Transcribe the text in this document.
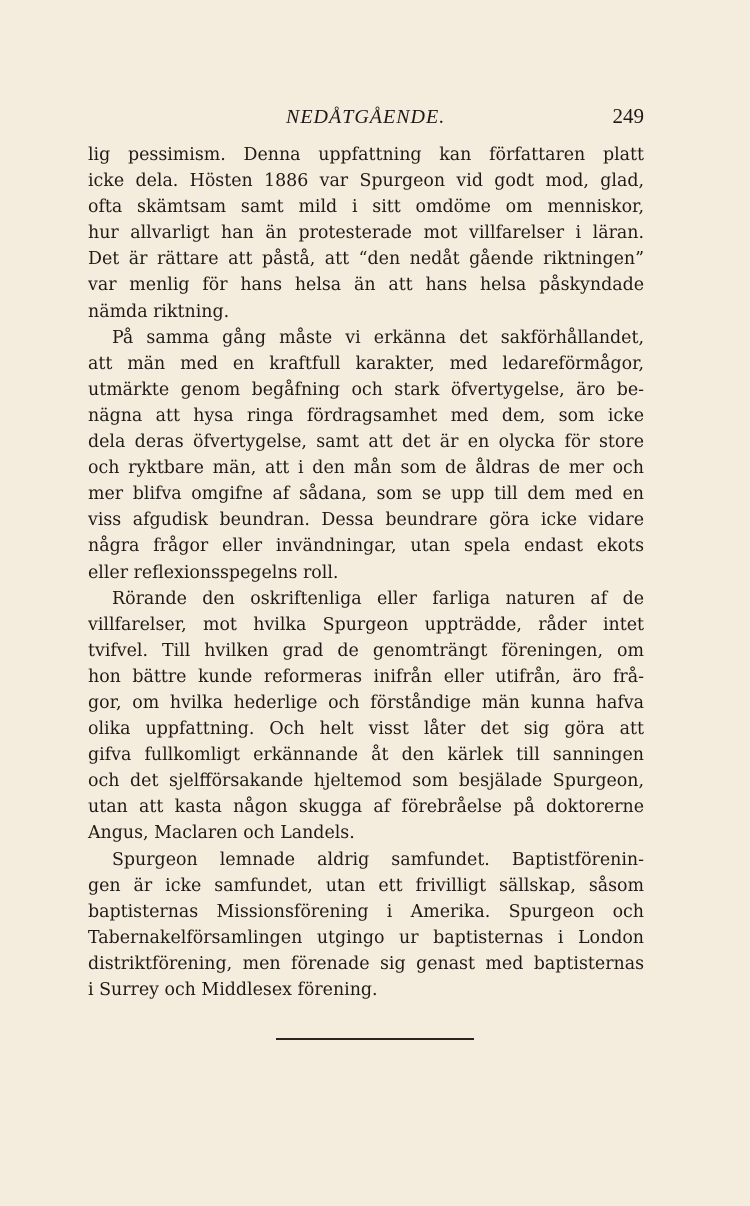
NEDÅTGÅENDE.	249
lig pessimism. Denna uppfattning kan författaren platt
icke dela. Hösten 1886 var Spurgeon vid godt mod, glad,
ofta skämtsam samt mild i sitt omdöme om menniskor,
hur allvarligt han än protesterade mot villfarelser i läran.
Det är rättare att påstå, att “den nedåt gående riktningen”
var menlig för hans helsa än att hans helsa påskyndade
nämda riktning.
På samma gång måste vi erkänna det sakförhållandet,
att män med en kraftfull karakter, med ledareförmågor,
utmärkte genom begåfning och stark öfvertygelse, äro be-
nägna att hysa ringa fördragsamhet med dem, som icke
dela deras öfvertygelse, samt att det är en olycka för store
och ryktbare män, att i den mån som de åldras de mer och
mer blifva omgifne af sådana, som se upp till dem med en
viss afgudisk beundran. Dessa beundrare göra icke vidare
några frågor eller invändningar, utan spela endast ekots
eller reflexionsspegelns roll.
Rörande den oskriftenliga eller farliga naturen af de
villfarelser, mot hvilka Spurgeon uppträdde, råder intet
tvifvel. Till hvilken grad de genomträngt föreningen, om
hon bättre kunde reformeras inifrån eller utifrån, äro frå-
gor, om hvilka hederlige och förståndige män kunna hafva
olika uppfattning. Och helt visst låter det sig göra att
gifva fullkomligt erkännande åt den kärlek till sanningen
och det sjelfförsakande hjeltemod som besjälade Spurgeon,
utan att kasta någon skugga af förebråelse på doktorerne
Angus, Maclaren och Landels.
Spurgeon lemnade aldrig samfundet. Baptistförenin-
gen är icke samfundet, utan ett frivilligt sällskap, såsom
baptisternas Missionsförening i Amerika. Spurgeon och
Tabernakelförsamlingen utgingo ur baptisternas i London
distriktförening, men förenade sig genast med baptisternas
i Surrey och Middlesex förening.
